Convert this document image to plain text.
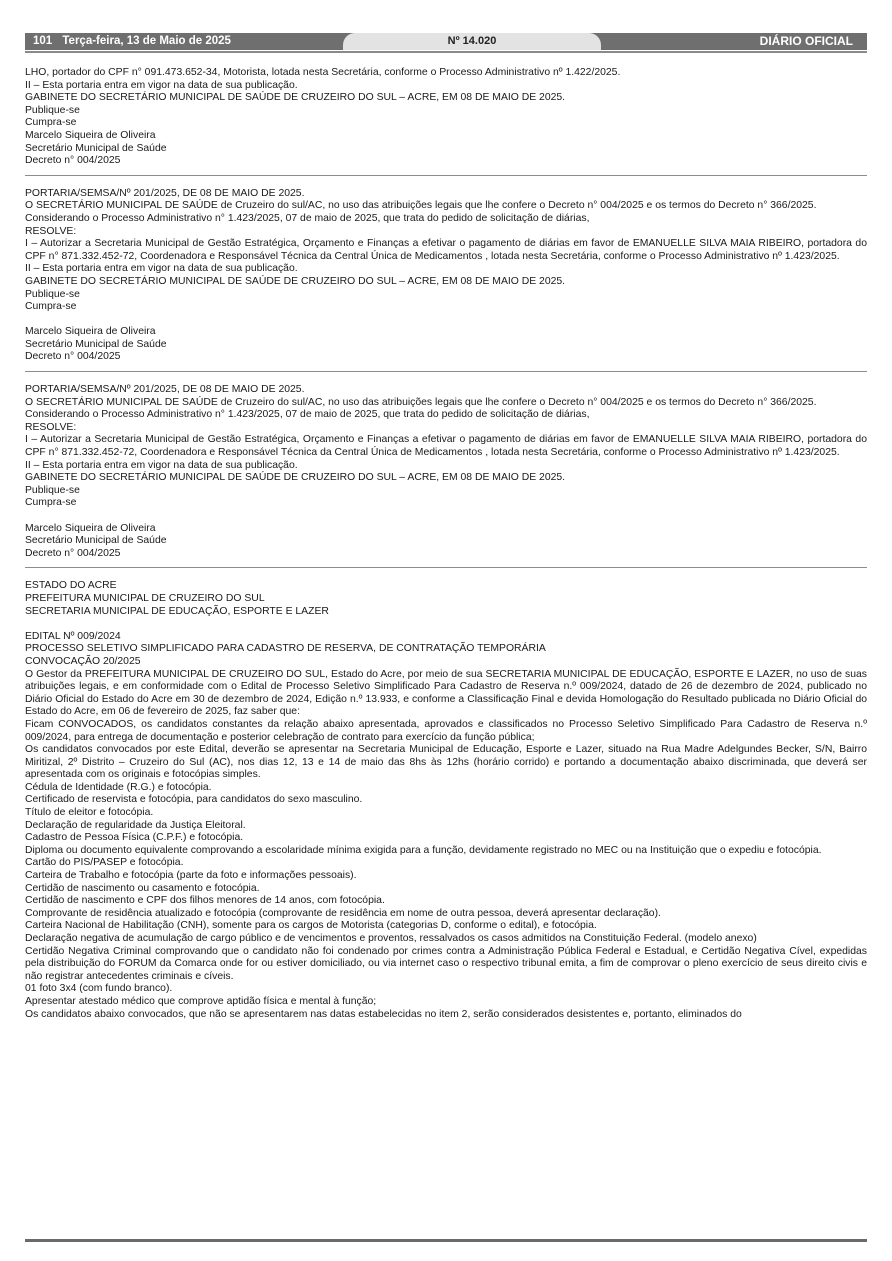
101 Terça-feira, 13 de Maio de 2025	Nº 14.020	DIÁRIO OFICIAL

LHO, portador do CPF n° 091.473.652-34, Motorista, lotada nesta Secretária, conforme o Processo Administrativo nº 1.422/2025.

II – Esta portaria entra em vigor na data de sua publicação.

GABINETE DO SECRETÁRIO MUNICIPAL DE SAÚDE DE CRUZEIRO DO SUL – ACRE, EM 08 DE MAIO DE 2025.

Publique-se

Cumpra-se

Marcelo Siqueira de Oliveira

Secretário Municipal de Saúde

Decreto n° 004/2025

PORTARIA/SEMSA/Nº 201/2025, DE 08 DE MAIO DE 2025.

O SECRETÁRIO MUNICIPAL DE SAÚDE de Cruzeiro do sul/AC, no uso das atribuições legais que lhe confere o Decreto n° 004/2025 e os termos do Decreto n° 366/2025.

Considerando o Processo Administrativo n° 1.423/2025, 07 de maio de 2025, que trata do pedido de solicitação de diárias,

RESOLVE:

I – Autorizar a Secretaria Municipal de Gestão Estratégica, Orçamento e Finanças a efetivar o pagamento de diárias em favor de EMANUELLE SILVA MAIA RIBEIRO, portadora do CPF n° 871.332.452-72, Coordenadora e Responsável Técnica da Central Única de Medicamentos , lotada nesta Secretária, conforme o Processo Administrativo nº 1.423/2025.

II – Esta portaria entra em vigor na data de sua publicação.

GABINETE DO SECRETÁRIO MUNICIPAL DE SAÚDE DE CRUZEIRO DO SUL – ACRE, EM 08 DE MAIO DE 2025.

Publique-se

Cumpra-se

Marcelo Siqueira de Oliveira

Secretário Municipal de Saúde

Decreto n° 004/2025

PORTARIA/SEMSA/Nº 201/2025, DE 08 DE MAIO DE 2025.

O SECRETÁRIO MUNICIPAL DE SAÚDE de Cruzeiro do sul/AC, no uso das atribuições legais que lhe confere o Decreto n° 004/2025 e os termos do Decreto n° 366/2025.

Considerando o Processo Administrativo n° 1.423/2025, 07 de maio de 2025, que trata do pedido de solicitação de diárias,

RESOLVE:

I – Autorizar a Secretaria Municipal de Gestão Estratégica, Orçamento e Finanças a efetivar o pagamento de diárias em favor de EMANUELLE SILVA MAIA RIBEIRO, portadora do CPF n° 871.332.452-72, Coordenadora e Responsável Técnica da Central Única de Medicamentos , lotada nesta Secretária, conforme o Processo Administrativo nº 1.423/2025.

II – Esta portaria entra em vigor na data de sua publicação.

GABINETE DO SECRETÁRIO MUNICIPAL DE SAÚDE DE CRUZEIRO DO SUL – ACRE, EM 08 DE MAIO DE 2025.

Publique-se

Cumpra-se

Marcelo Siqueira de Oliveira

Secretário Municipal de Saúde

Decreto n° 004/2025

ESTADO DO ACRE

PREFEITURA MUNICIPAL DE CRUZEIRO DO SUL

SECRETARIA MUNICIPAL DE EDUCAÇÃO, ESPORTE E LAZER

EDITAL Nº 009/2024

PROCESSO SELETIVO SIMPLIFICADO PARA CADASTRO DE RESERVA, DE CONTRATAÇÃO TEMPORÁRIA

CONVOCAÇÃO 20/2025

O Gestor da PREFEITURA MUNICIPAL DE CRUZEIRO DO SUL, Estado do Acre, por meio de sua SECRETARIA MUNICIPAL DE EDUCAÇÃO, ESPORTE E LAZER, no uso de suas atribuições legais, e em conformidade com o Edital de Processo Seletivo Simplificado Para Cadastro de Reserva n.º 009/2024, datado de 26 de dezembro de 2024, publicado no Diário Oficial do Estado do Acre em 30 de dezembro de 2024, Edição n.º 13.933, e conforme a Classificação Final e devida Homologação do Resultado publicada no Diário Oficial do Estado do Acre, em 06 de fevereiro de 2025, faz saber que:

Ficam CONVOCADOS, os candidatos constantes da relação abaixo apresentada, aprovados e classificados no Processo Seletivo Simplificado Para Cadastro de Reserva n.º 009/2024, para entrega de documentação e posterior celebração de contrato para exercício da função pública;

Os candidatos convocados por este Edital, deverão se apresentar na Secretaria Municipal de Educação, Esporte e Lazer, situado na Rua Madre Adelgundes Becker, S/N, Bairro Miritizal, 2º Distrito – Cruzeiro do Sul (AC), nos dias 12, 13 e 14 de maio das 8hs às 12hs (horário corrido) e portando a documentação abaixo discriminada, que deverá ser apresentada com os originais e fotocópias simples.

Cédula de Identidade (R.G.) e fotocópia.

Certificado de reservista e fotocópia, para candidatos do sexo masculino.

Título de eleitor e fotocópia.

Declaração de regularidade da Justiça Eleitoral.

Cadastro de Pessoa Física (C.P.F.) e fotocópia.

Diploma ou documento equivalente comprovando a escolaridade mínima exigida para a função, devidamente registrado no MEC ou na Instituição que o expediu e fotocópia.

Cartão do PIS/PASEP e fotocópia.

Carteira de Trabalho e fotocópia (parte da foto e informações pessoais).

Certidão de nascimento ou casamento e fotocópia.

Certidão de nascimento e CPF dos filhos menores de 14 anos, com fotocópia.

Comprovante de residência atualizado e fotocópia (comprovante de residência em nome de outra pessoa, deverá apresentar declaração).

Carteira Nacional de Habilitação (CNH), somente para os cargos de Motorista (categorias D, conforme o edital), e fotocópia.

Declaração negativa de acumulação de cargo público e de vencimentos e proventos, ressalvados os casos admitidos na Constituição Federal. (modelo anexo)

Certidão Negativa Criminal comprovando que o candidato não foi condenado por crimes contra a Administração Pública Federal e Estadual, e Certidão Negativa Cível, expedidas pela distribuição do FORUM da Comarca onde for ou estiver domiciliado, ou via internet caso o respectivo tribunal emita, a fim de comprovar o pleno exercício de seus direito civis e não registrar antecedentes criminais e cíveis.

01 foto 3x4 (com fundo branco).

Apresentar atestado médico que comprove aptidão física e mental à função;

Os candidatos abaixo convocados, que não se apresentarem nas datas estabelecidas no item 2, serão considerados desistentes e, portanto, eliminados do
